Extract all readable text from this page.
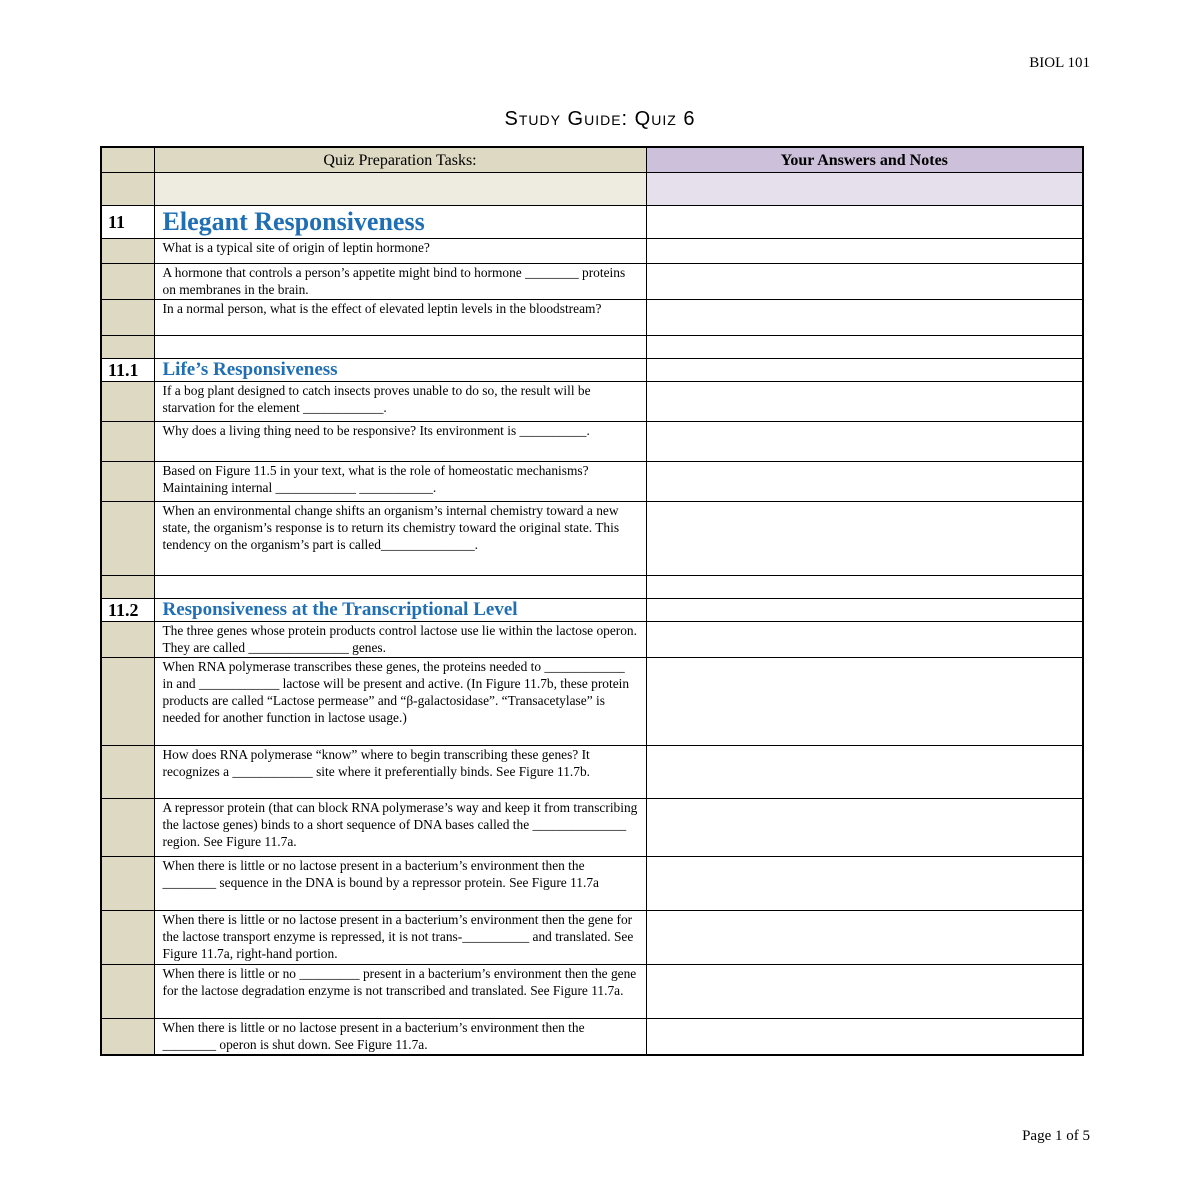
BIOL 101
Study Guide: Quiz 6
	Quiz Preparation Tasks:	Your Answers and Notes

11	Elegant Responsiveness	
	What is a typical site of origin of leptin hormone?	
	A hormone that controls a person’s appetite might bind to hormone ________ proteins on membranes in the brain.	
	In a normal person, what is the effect of elevated leptin levels in the bloodstream?	

11.1	Life’s Responsiveness	
	If a bog plant designed to catch insects proves unable to do so, the result will be starvation for the element ____________.	
	Why does a living thing need to be responsive? Its environment is __________.	
	Based on Figure 11.5 in your text, what is the role of homeostatic mechanisms? Maintaining internal ____________ ___________.	
	When an environmental change shifts an organism’s internal chemistry toward a new state, the organism’s response is to return its chemistry toward the original state. This tendency on the organism’s part is called______________.	

11.2	Responsiveness at the Transcriptional Level	
	The three genes whose protein products control lactose use lie within the lactose operon. They are called _______________ genes.	
	When RNA polymerase transcribes these genes, the proteins needed to ____________ in and ____________ lactose will be present and active. (In Figure 11.7b, these protein products are called “Lactose permease” and “β-galactosidase”. “Transacetylase” is needed for another function in lactose usage.)	
	How does RNA polymerase “know” where to begin transcribing these genes? It recognizes a ____________ site where it preferentially binds. See Figure 11.7b.	
	A repressor protein (that can block RNA polymerase’s way and keep it from transcribing the lactose genes) binds to a short sequence of DNA bases called the ______________ region. See Figure 11.7a.	
	When there is little or no lactose present in a bacterium’s environment then the ________ sequence in the DNA is bound by a repressor protein. See Figure 11.7a	
	When there is little or no lactose present in a bacterium’s environment then the gene for the lactose transport enzyme is repressed, it is not trans-__________ and translated. See Figure 11.7a, right-hand portion.	
	When there is little or no _________ present in a bacterium’s environment then the gene for the lactose degradation enzyme is not transcribed and translated. See Figure 11.7a.	
	When there is little or no lactose present in a bacterium’s environment then the ________ operon is shut down. See Figure 11.7a.	
Page 1 of 5
